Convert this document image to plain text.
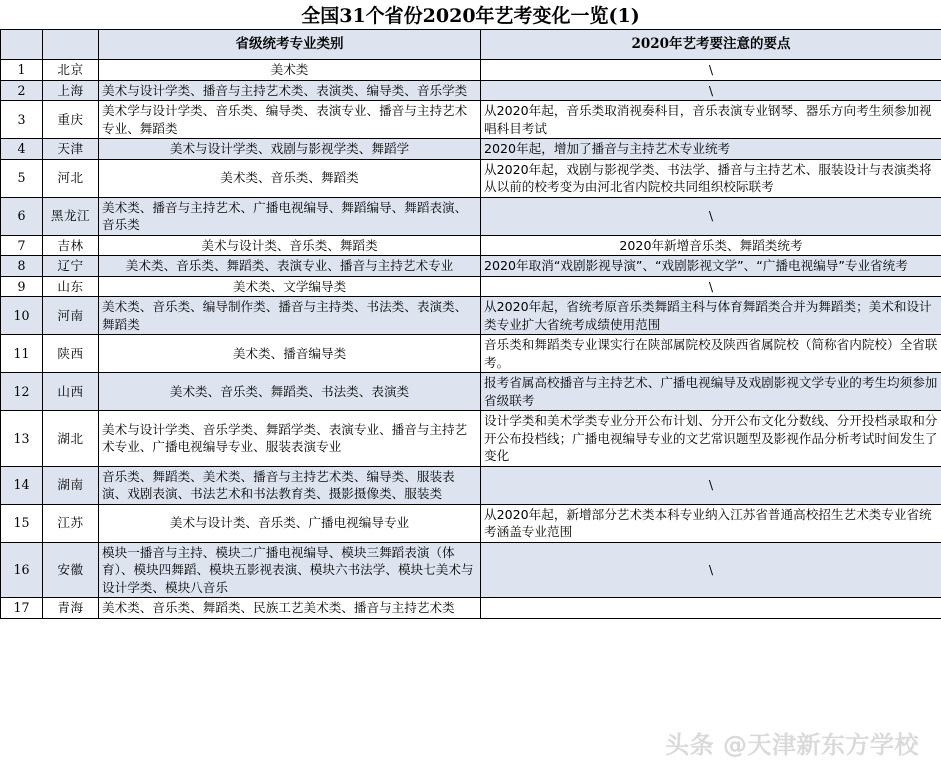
全国31个省份2020年艺考变化一览(1)
		省级统考专业类别	2020年艺考要注意的要点
1	北京	美术类	\
2	上海	美术与设计学类、播音与主持艺术类、表演类、编导类、音乐学类	\
3	重庆	美术学与设计学类、音乐类、编导类、表演专业、播音与主持艺术专业、舞蹈类	从2020年起，音乐类取消视奏科目，音乐表演专业钢琴、器乐方向考生须参加视唱科目考试
4	天津	美术与设计学类、戏剧与影视学类、舞蹈学	2020年起，增加了播音与主持艺术专业统考
5	河北	美术类、音乐类、舞蹈类	从2020年起，戏剧与影视学类、书法学、播音与主持艺术、服装设计与表演类将从以前的校考变为由河北省内院校共同组织校际联考
6	黑龙江	美术类、播音与主持艺术、广播电视编导、舞蹈编导、舞蹈表演、音乐类	\
7	吉林	美术与设计类、音乐类、舞蹈类	2020年新增音乐类、舞蹈类统考
8	辽宁	美术类、音乐类、舞蹈类、表演专业、播音与主持艺术专业	2020年取消“戏剧影视导演”、“戏剧影视文学”、“广播电视编导”专业省统考
9	山东	美术类、文学编导类	\
10	河南	美术类、音乐类、编导制作类、播音与主持类、书法类、表演类、舞蹈类	从2020年起，省统考原音乐类舞蹈主科与体育舞蹈类合并为舞蹈类；美术和设计类专业扩大省统考成绩使用范围
11	陕西	美术类、播音编导类	音乐类和舞蹈类专业课实行在陕部属院校及陕西省属院校（简称省内院校）全省联考。
12	山西	美术类、音乐类、舞蹈类、书法类、表演类	报考省属高校播音与主持艺术、广播电视编导及戏剧影视文学专业的考生均须参加省级联考
13	湖北	美术与设计学类、音乐学类、舞蹈学类、表演专业、播音与主持艺术专业、广播电视编导专业、服装表演专业	设计学类和美术学类专业分开公布计划、分开公布文化分数线、分开投档录取和分开公布投档线；广播电视编导专业的文艺常识题型及影视作品分析考试时间发生了变化
14	湖南	音乐类、舞蹈类、美术类、播音与主持艺术类、编导类、服装表演、戏剧表演、书法艺术和书法教育类、摄影摄像类、服装类	\
15	江苏	美术与设计类、音乐类、广播电视编导专业	从2020年起，新增部分艺术类本科专业纳入江苏省普通高校招生艺术类专业省统考涵盖专业范围
16	安徽	模块一播音与主持、模块二广播电视编导、模块三舞蹈表演（体育）、模块四舞蹈、模块五影视表演、模块六书法学、模块七美术与设计学类、模块八音乐	\
17	青海	美术类、音乐类、舞蹈类、民族工艺美术类、播音与主持艺术类	
头条 @天津新东方学校
